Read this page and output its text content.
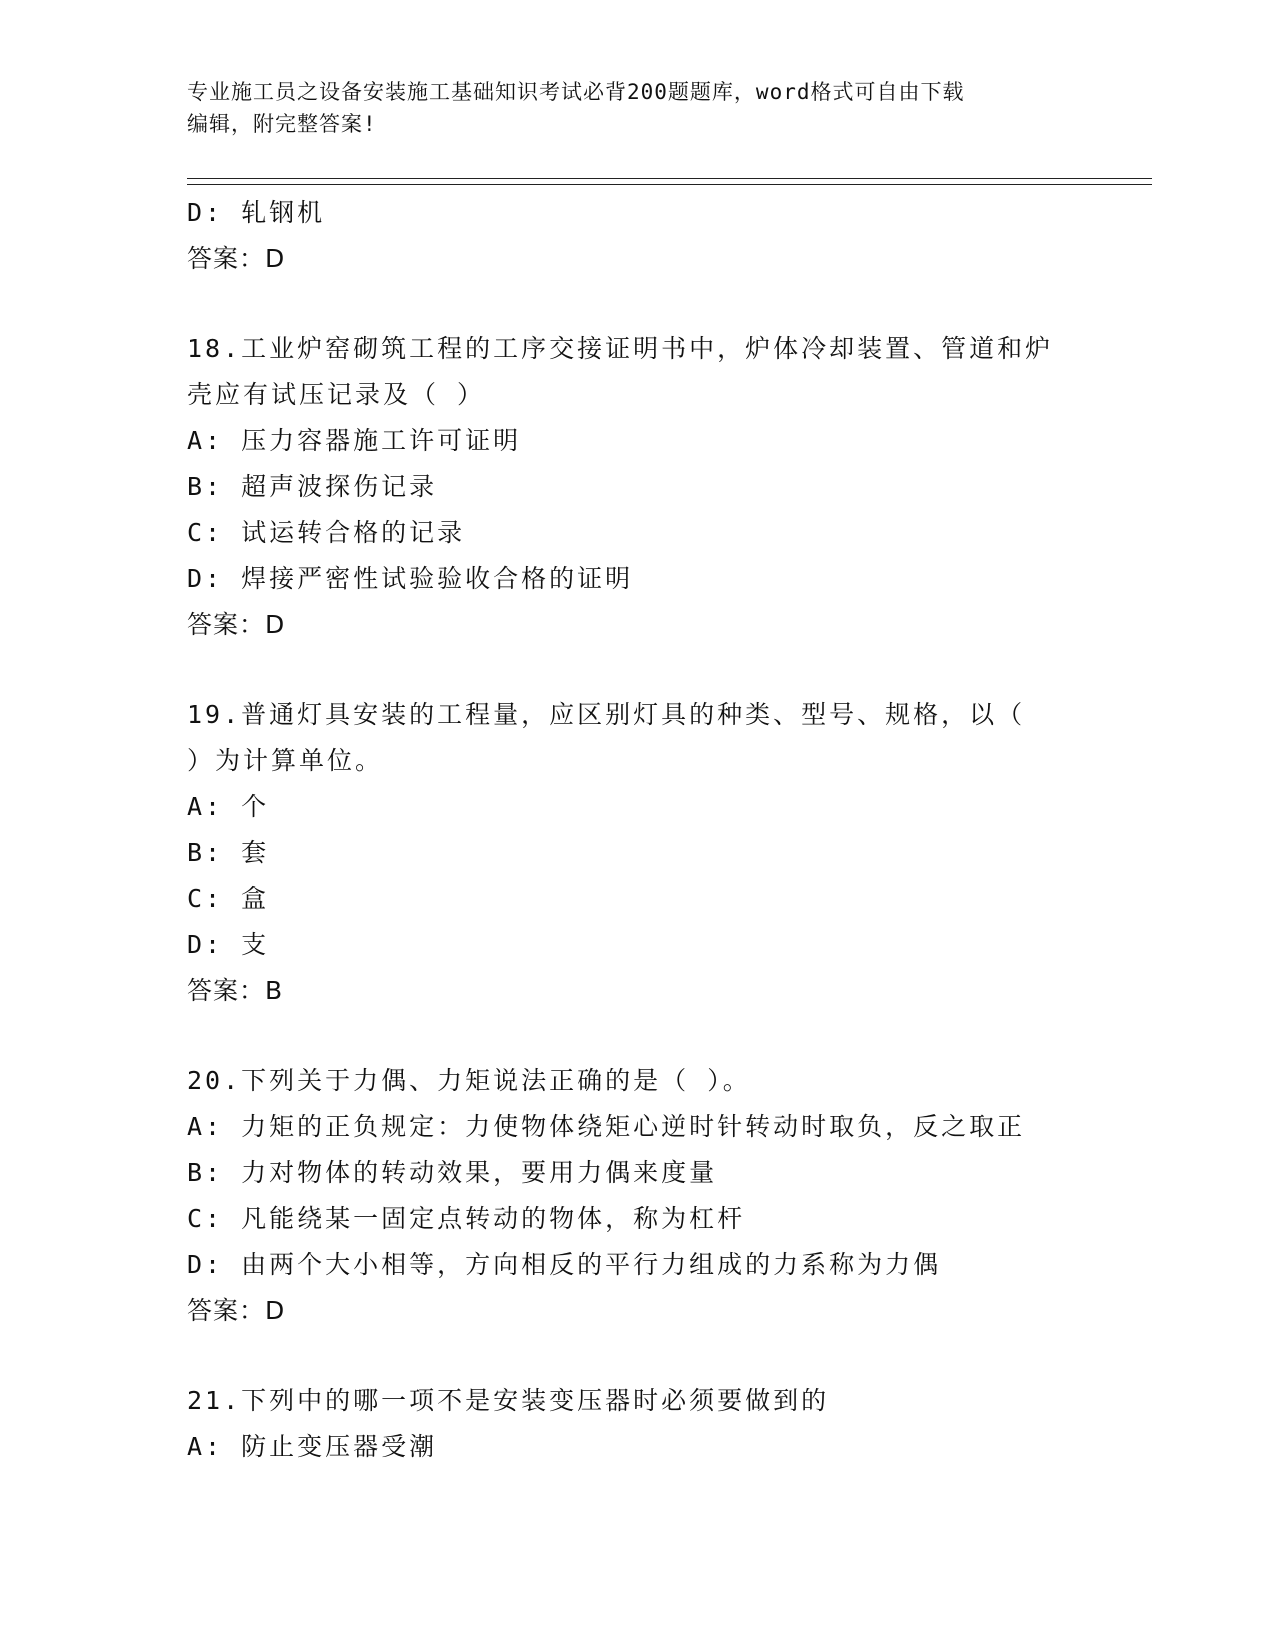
专业施工员之设备安装施工基础知识考试必背200题题库，word格式可自由下载
编辑，附完整答案!
D: 轧钢机
答案：D
18.工业炉窑砌筑工程的工序交接证明书中，炉体冷却装置、管道和炉
壳应有试压记录及（ ）
A: 压力容器施工许可证明
B: 超声波探伤记录
C: 试运转合格的记录
D: 焊接严密性试验验收合格的证明
答案：D
19.普通灯具安装的工程量，应区别灯具的种类、型号、规格，以（
）为计算单位。
A: 个
B: 套
C: 盒
D: 支
答案：B
20.下列关于力偶、力矩说法正确的是（ ）。
A: 力矩的正负规定：力使物体绕矩心逆时针转动时取负，反之取正
B: 力对物体的转动效果，要用力偶来度量
C: 凡能绕某一固定点转动的物体，称为杠杆
D: 由两个大小相等，方向相反的平行力组成的力系称为力偶
答案：D
21.下列中的哪一项不是安装变压器时必须要做到的
A: 防止变压器受潮
